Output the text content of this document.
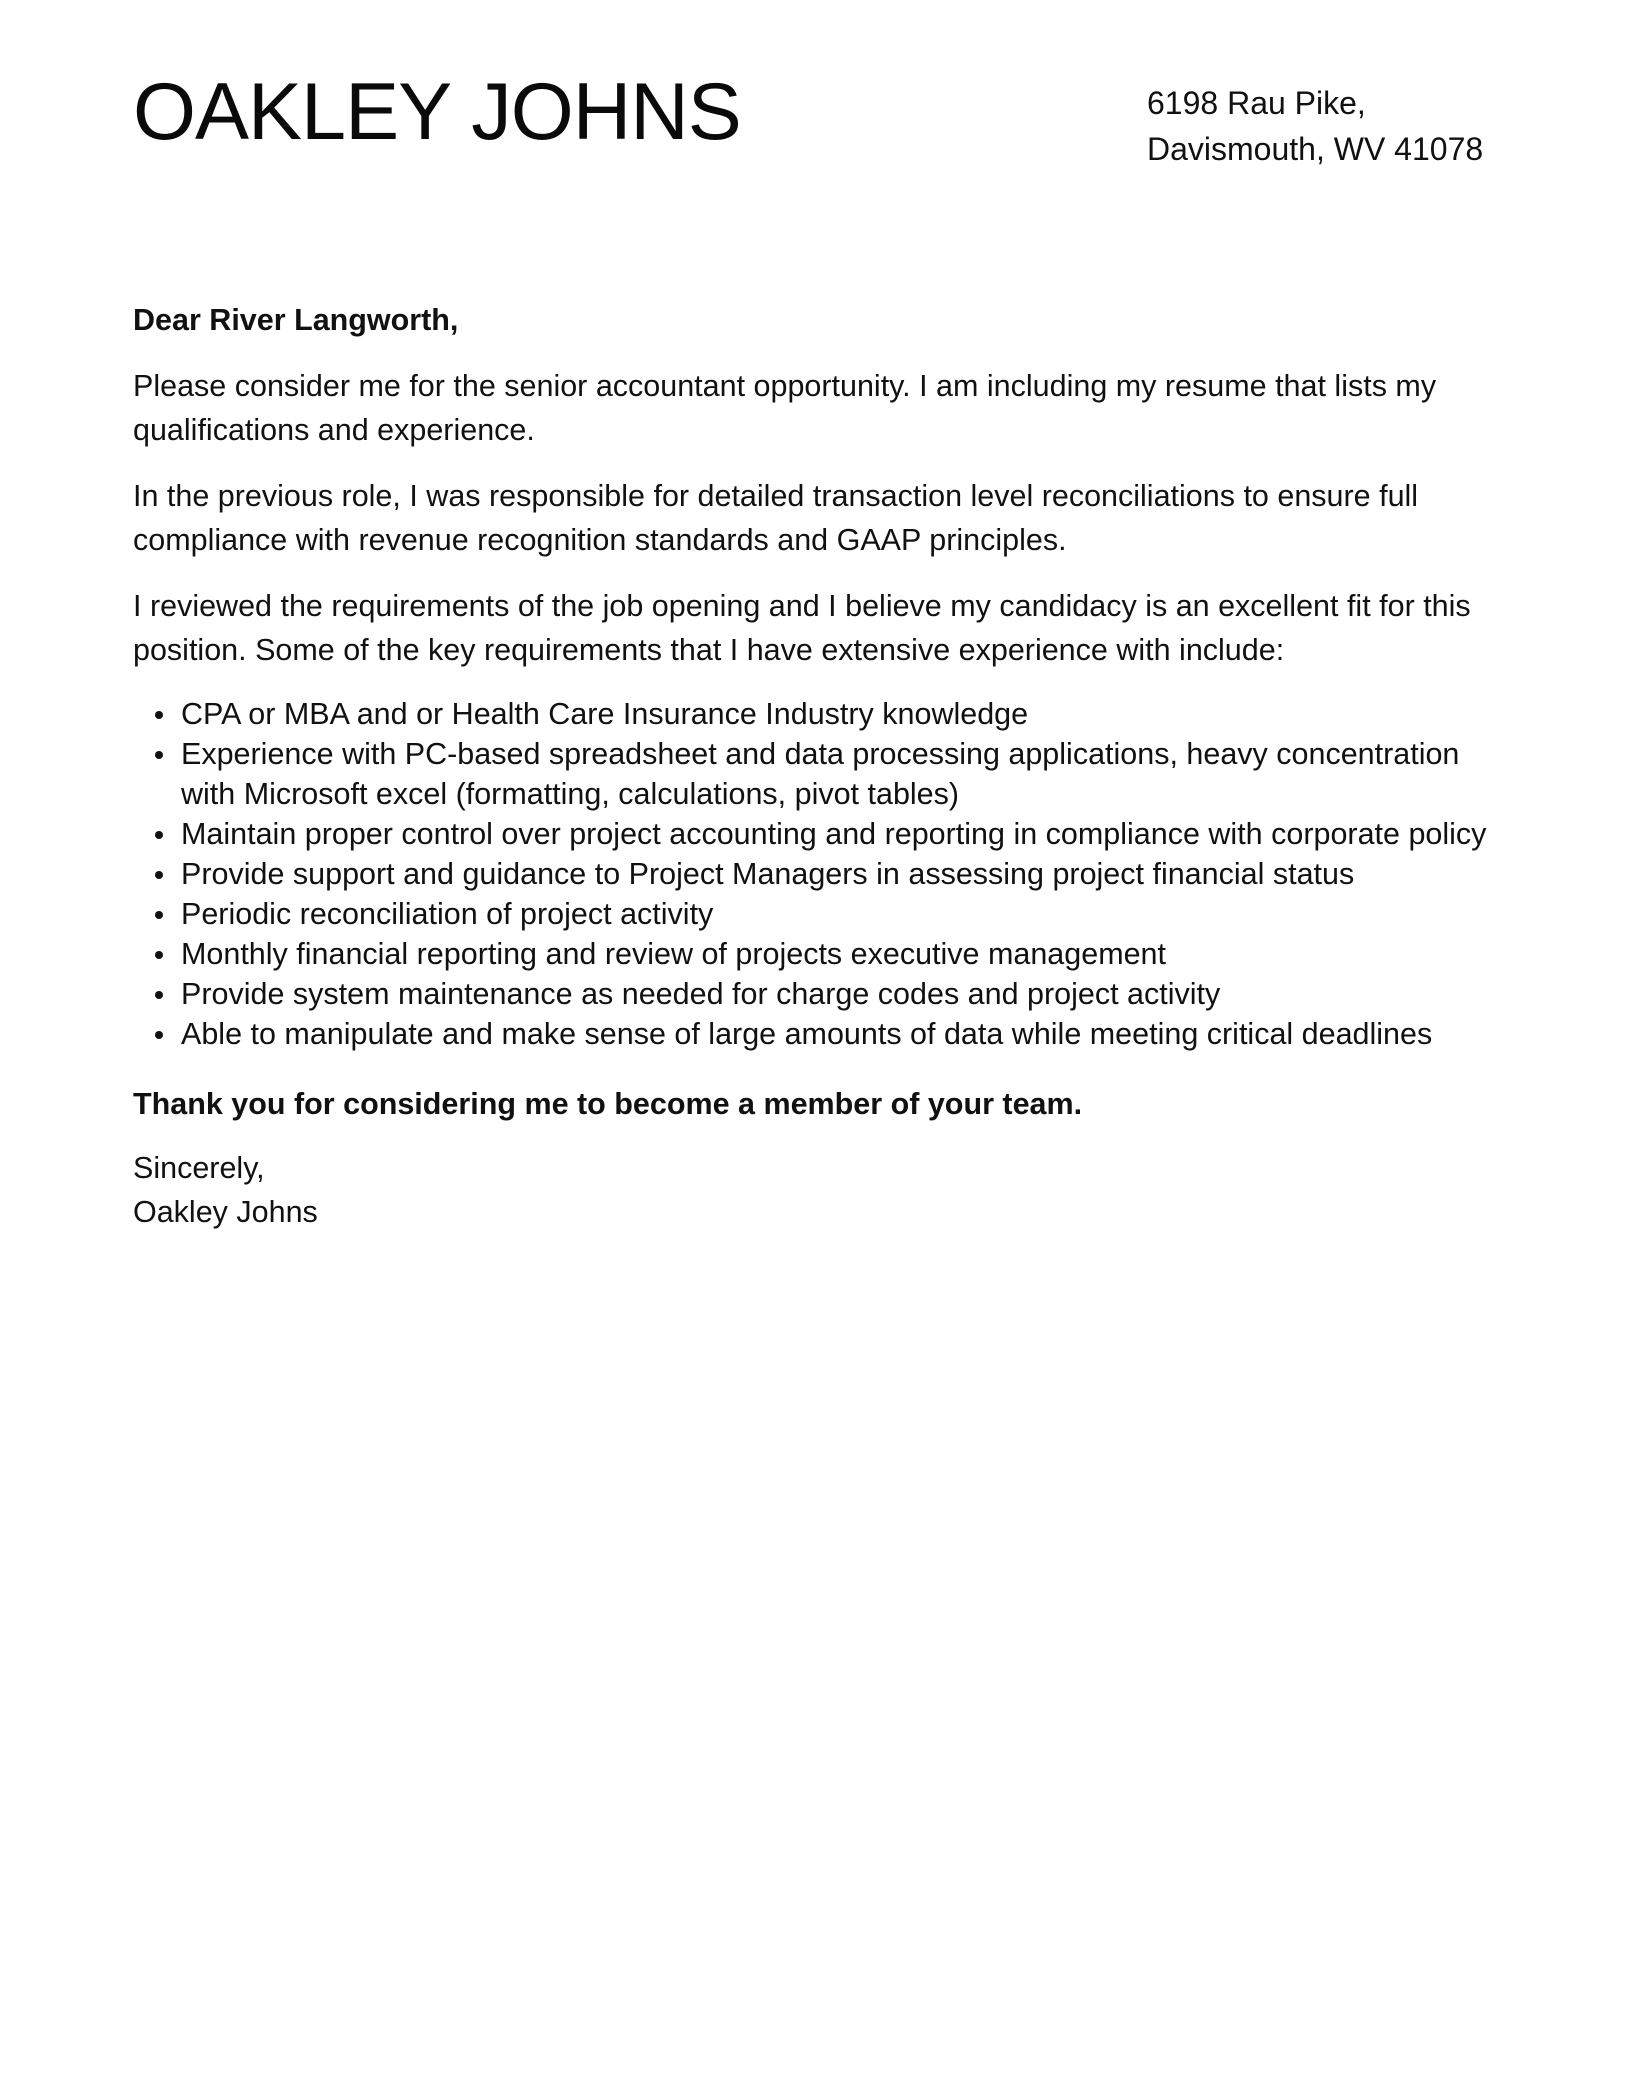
OAKLEY JOHNS	6198 Rau Pike,
Davismouth, WV 41078

Dear River Langworth,

Please consider me for the senior accountant opportunity. I am including my resume that lists my qualifications and experience.

In the previous role, I was responsible for detailed transaction level reconciliations to ensure full compliance with revenue recognition standards and GAAP principles.

I reviewed the requirements of the job opening and I believe my candidacy is an excellent fit for this position. Some of the key requirements that I have extensive experience with include:

CPA or MBA and or Health Care Insurance Industry knowledge
Experience with PC-based spreadsheet and data processing applications, heavy concentration with Microsoft excel (formatting, calculations, pivot tables)
Maintain proper control over project accounting and reporting in compliance with corporate policy
Provide support and guidance to Project Managers in assessing project financial status
Periodic reconciliation of project activity
Monthly financial reporting and review of projects executive management
Provide system maintenance as needed for charge codes and project activity
Able to manipulate and make sense of large amounts of data while meeting critical deadlines

Thank you for considering me to become a member of your team.

Sincerely,

Oakley Johns
